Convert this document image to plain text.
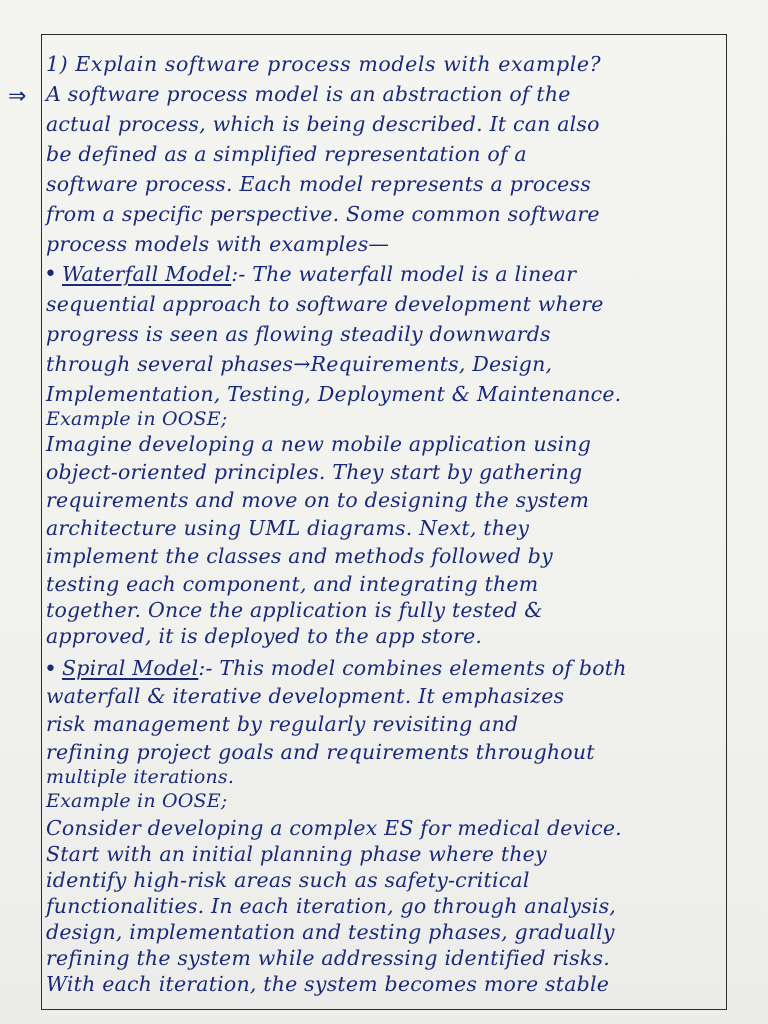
⇒
1) Explain software process models with example?
A software process model is an abstraction of the
actual process, which is being described. It can also
be defined as a simplified representation of a
software process. Each model represents a process
from a specific perspective. Some common software
process models with examples—
• Waterfall Model:- The waterfall model is a linear
sequential approach to software development where
progress is seen as flowing steadily downwards
through several phases→Requirements, Design,
Implementation, Testing, Deployment & Maintenance.
Example in OOSE;
Imagine developing a new mobile application using
object-oriented principles. They start by gathering
requirements and move on to designing the system
architecture using UML diagrams. Next, they
implement the classes and methods followed by
testing each component, and integrating them
together. Once the application is fully tested &
approved, it is deployed to the app store.
• Spiral Model:- This model combines elements of both
waterfall & iterative development. It emphasizes
risk management by regularly revisiting and
refining project goals and requirements throughout
multiple iterations.
Example in OOSE;
Consider developing a complex ES for medical device.
Start with an initial planning phase where they
identify high-risk areas such as safety-critical
functionalities. In each iteration, go through analysis,
design, implementation and testing phases, gradually
refining the system while addressing identified risks.
With each iteration, the system becomes more stable
